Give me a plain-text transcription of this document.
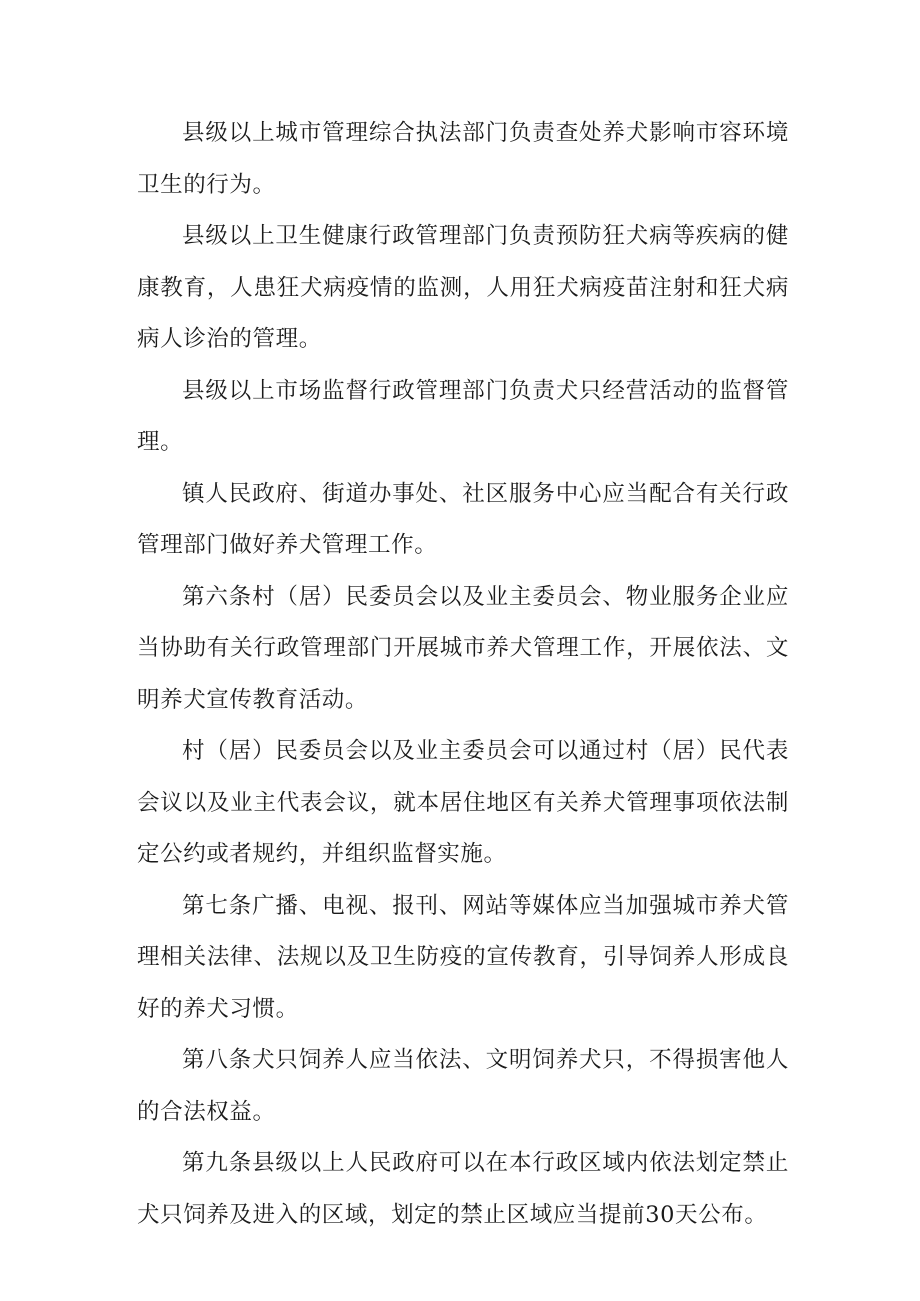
县级以上城市管理综合执法部门负责查处养犬影响市容环境卫生的行为。

县级以上卫生健康行政管理部门负责预防狂犬病等疾病的健康教育，人患狂犬病疫情的监测，人用狂犬病疫苗注射和狂犬病病人诊治的管理。

县级以上市场监督行政管理部门负责犬只经营活动的监督管理。

镇人民政府、街道办事处、社区服务中心应当配合有关行政管理部门做好养犬管理工作。

第六条村（居）民委员会以及业主委员会、物业服务企业应当协助有关行政管理部门开展城市养犬管理工作，开展依法、文明养犬宣传教育活动。

村（居）民委员会以及业主委员会可以通过村（居）民代表会议以及业主代表会议，就本居住地区有关养犬管理事项依法制定公约或者规约，并组织监督实施。

第七条广播、电视、报刊、网站等媒体应当加强城市养犬管理相关法律、法规以及卫生防疫的宣传教育，引导饲养人形成良好的养犬习惯。

第八条犬只饲养人应当依法、文明饲养犬只，不得损害他人的合法权益。

第九条县级以上人民政府可以在本行政区域内依法划定禁止犬只饲养及进入的区域，划定的禁止区域应当提前30天公布。
